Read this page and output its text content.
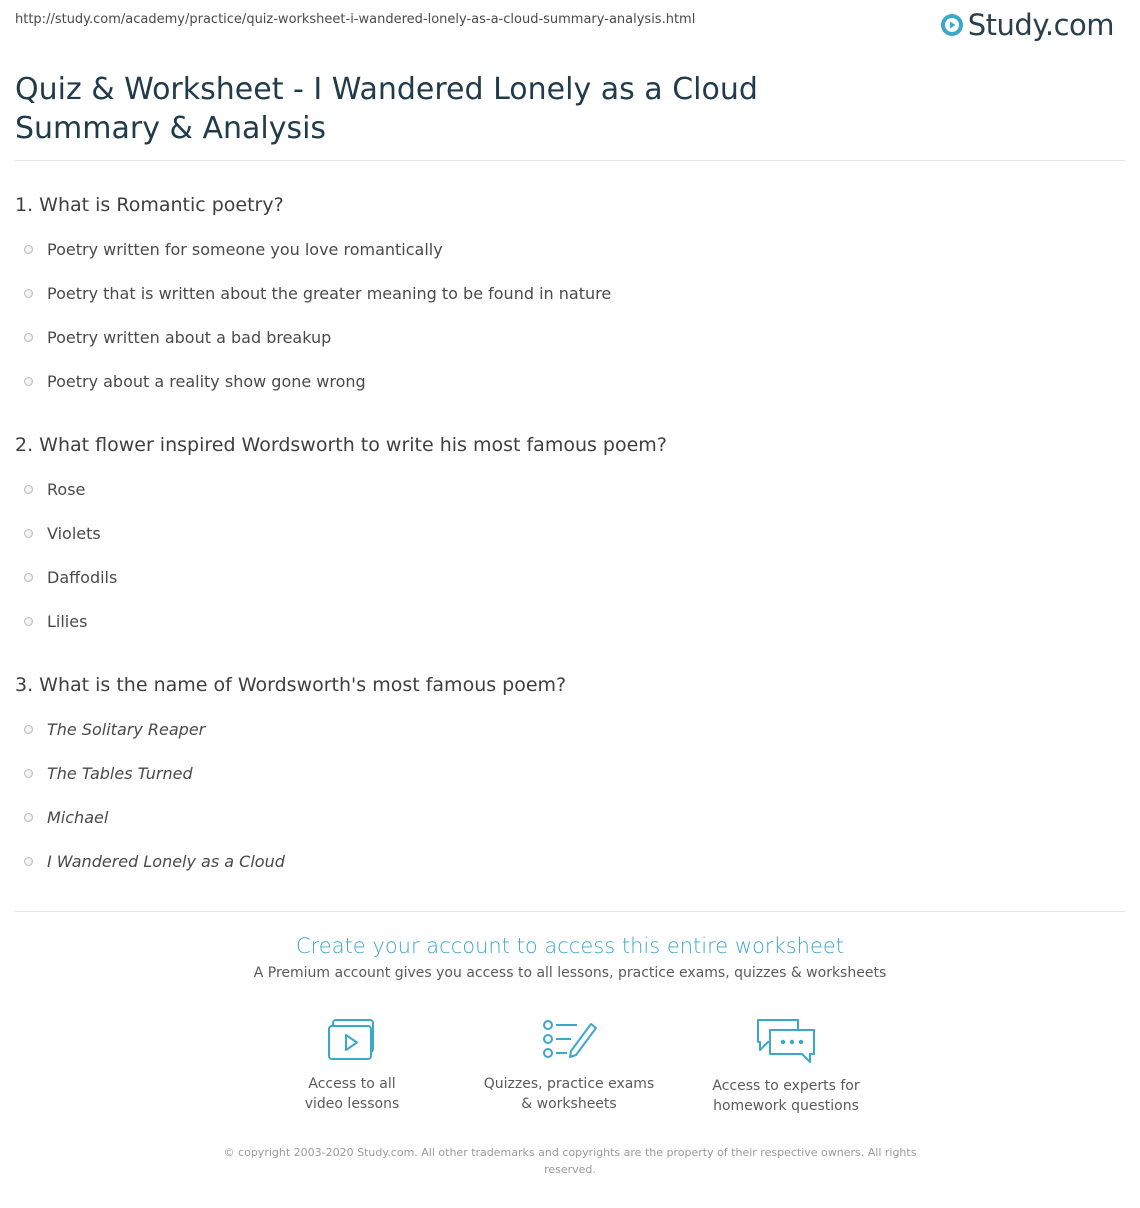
http://study.com/academy/practice/quiz-worksheet-i-wandered-lonely-as-a-cloud-summary-analysis.html	Study.com
Quiz & Worksheet - I Wandered Lonely as a Cloud Summary & Analysis
1. What is Romantic poetry?
Poetry written for someone you love romantically
Poetry that is written about the greater meaning to be found in nature
Poetry written about a bad breakup
Poetry about a reality show gone wrong
2. What flower inspired Wordsworth to write his most famous poem?
Rose
Violets
Daffodils
Lilies
3. What is the name of Wordsworth's most famous poem?
The Solitary Reaper
The Tables Turned
Michael
I Wandered Lonely as a Cloud
Create your account to access this entire worksheet
A Premium account gives you access to all lessons, practice exams, quizzes & worksheets
Access to all
video lessons
Quizzes, practice exams
& worksheets
Access to experts for
homework questions
© copyright 2003-2020 Study.com. All other trademarks and copyrights are the property of their respective owners. All rights reserved.
